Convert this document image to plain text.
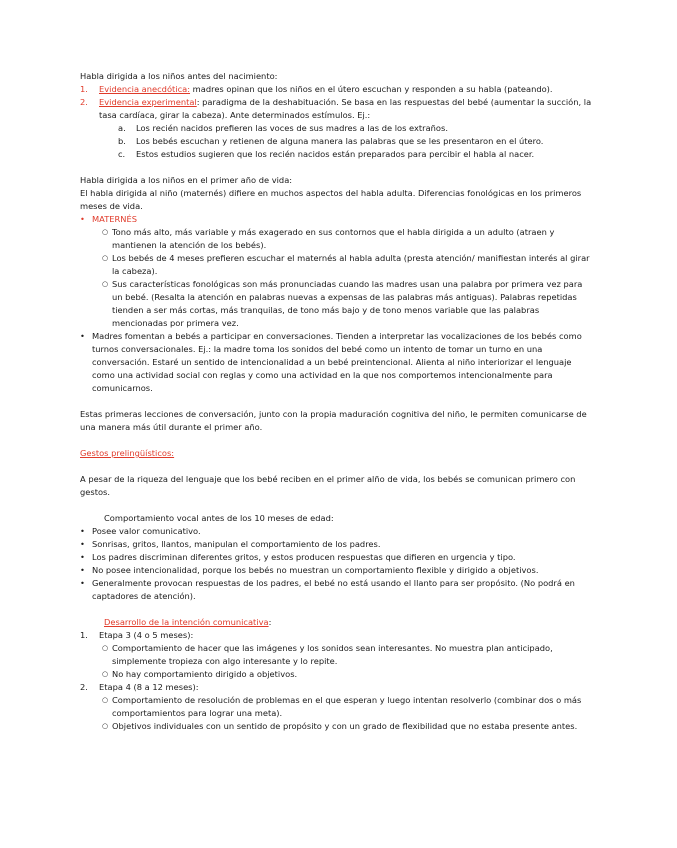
Habla dirigida a los niños antes del nacimiento:

1.	Evidencia anecdótica: madres opinan que los niños en el útero escuchan y responden a su habla (pateando).
2.	Evidencia experimental: paradigma de la deshabituación. Se basa en las respuestas del bebé (aumentar la succión, la tasa cardíaca, girar la cabeza). Ante determinados estímulos. Ej.:
a.	Los recién nacidos prefieren las voces de sus madres a las de los extraños.
b.	Los bebés escuchan y retienen de alguna manera las palabras que se les presentaron en el útero.
c.	Estos estudios sugieren que los recién nacidos están preparados para percibir el habla al nacer.

Habla dirigida a los niños en el primer año de vida:

El habla dirigida al niño (maternés) difiere en muchos aspectos del habla adulta. Diferencias fonológicas en los primeros meses de vida.

• MATERNÉS
○ Tono más alto, más variable y más exagerado en sus contornos que el habla dirigida a un adulto (atraen y mantienen la atención de los bebés).
○ Los bebés de 4 meses prefieren escuchar el maternés al habla adulta (presta atención/ manifiestan interés al girar la cabeza).
○ Sus características fonológicas son más pronunciadas cuando las madres usan una palabra por primera vez para un bebé. (Resalta la atención en palabras nuevas a expensas de las palabras más antiguas). Palabras repetidas tienden a ser más cortas, más tranquilas, de tono más bajo y de tono menos variable que las palabras mencionadas por primera vez.
• Madres fomentan a bebés a participar en conversaciones. Tienden a interpretar las vocalizaciones de los bebés como turnos conversacionales. Ej.: la madre toma los sonidos del bebé como un intento de tomar un turno en una conversación. Estaré un sentido de intencionalidad a un bebé preintencional. Alienta al niño interiorizar el lenguaje como una actividad social con reglas y como una actividad en la que nos comportemos intencionalmente para comunicarnos.

Estas primeras lecciones de conversación, junto con la propia maduración cognitiva del niño, le permiten comunicarse de una manera más útil durante el primer año.

Gestos prelingüísticos:

A pesar de la riqueza del lenguaje que los bebé reciben en el primer alño de vida, los bebés se comunican primero con gestos.

Comportamiento vocal antes de los 10 meses de edad:

• Posee valor comunicativo.
• Sonrisas, gritos, llantos, manipulan el comportamiento de los padres.
• Los padres discriminan diferentes gritos, y estos producen respuestas que difieren en urgencia y tipo.
• No posee intencionalidad, porque los bebés no muestran un comportamiento flexible y dirigido a objetivos.
• Generalmente provocan respuestas de los padres, el bebé no está usando el llanto para ser propósito. (No podrá en captadores de atención).

Desarrollo de la intención comunicativa:

1.	Etapa 3 (4 o 5 meses):
○ Comportamiento de hacer que las imágenes y los sonidos sean interesantes. No muestra plan anticipado, simplemente tropieza con algo interesante y lo repite.
○ No hay comportamiento dirigido a objetivos.
2.	Etapa 4 (8 a 12 meses):
○ Comportamiento de resolución de problemas en el que esperan y luego intentan resolverlo (combinar dos o más comportamientos para lograr una meta).
○ Objetivos individuales con un sentido de propósito y con un grado de flexibilidad que no estaba presente antes.
